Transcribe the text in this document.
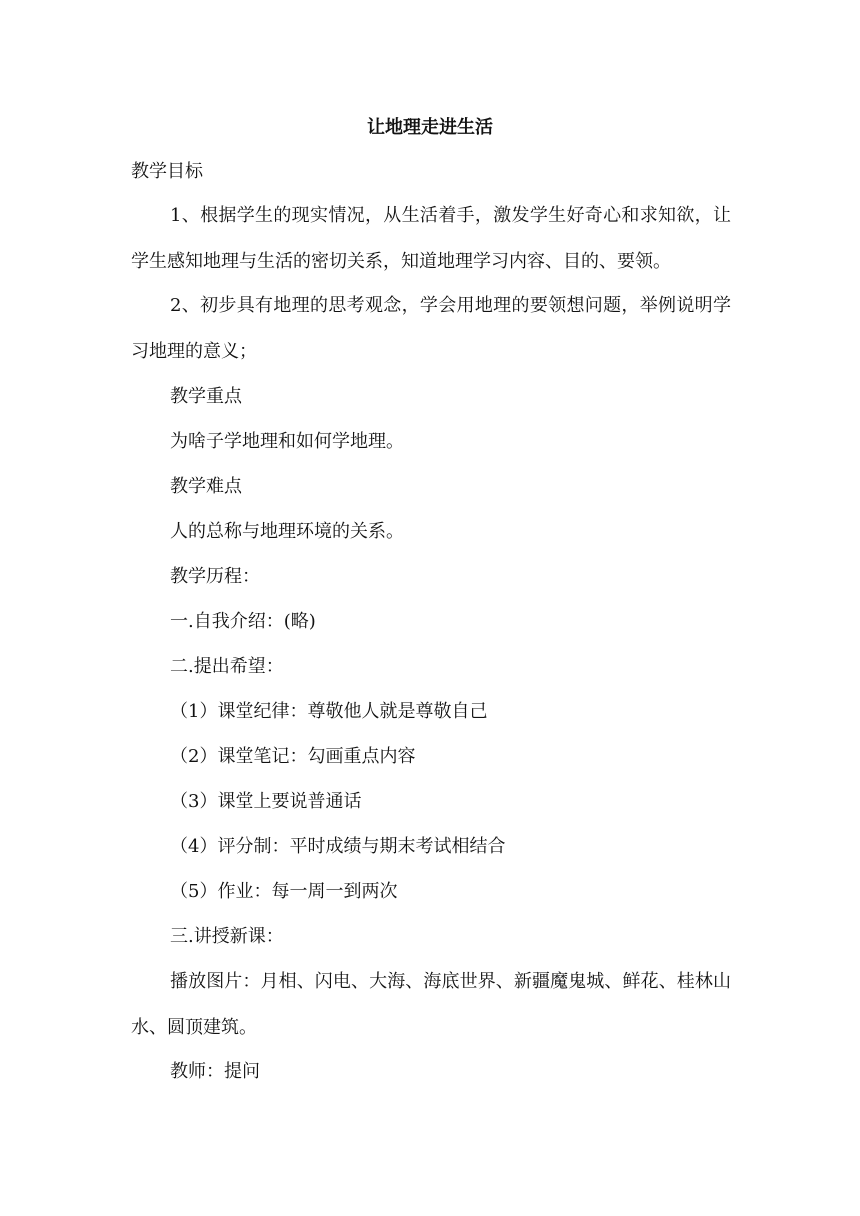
让地理走进生活
教学目标
1、根据学生的现实情况，从生活着手，激发学生好奇心和求知欲，让学生感知地理与生活的密切关系，知道地理学习内容、目的、要领。
2、初步具有地理的思考观念，学会用地理的要领想问题，举例说明学习地理的意义；
教学重点
为啥子学地理和如何学地理。
教学难点
人的总称与地理环境的关系。
教学历程：
一.自我介绍：(略)
二.提出希望：
（1）课堂纪律：尊敬他人就是尊敬自己
（2）课堂笔记：勾画重点内容
（3）课堂上要说普通话
（4）评分制：平时成绩与期末考试相结合
（5）作业：每一周一到两次
三.讲授新课：
播放图片：月相、闪电、大海、海底世界、新疆魔鬼城、鲜花、桂林山水、圆顶建筑。
教师：提问
